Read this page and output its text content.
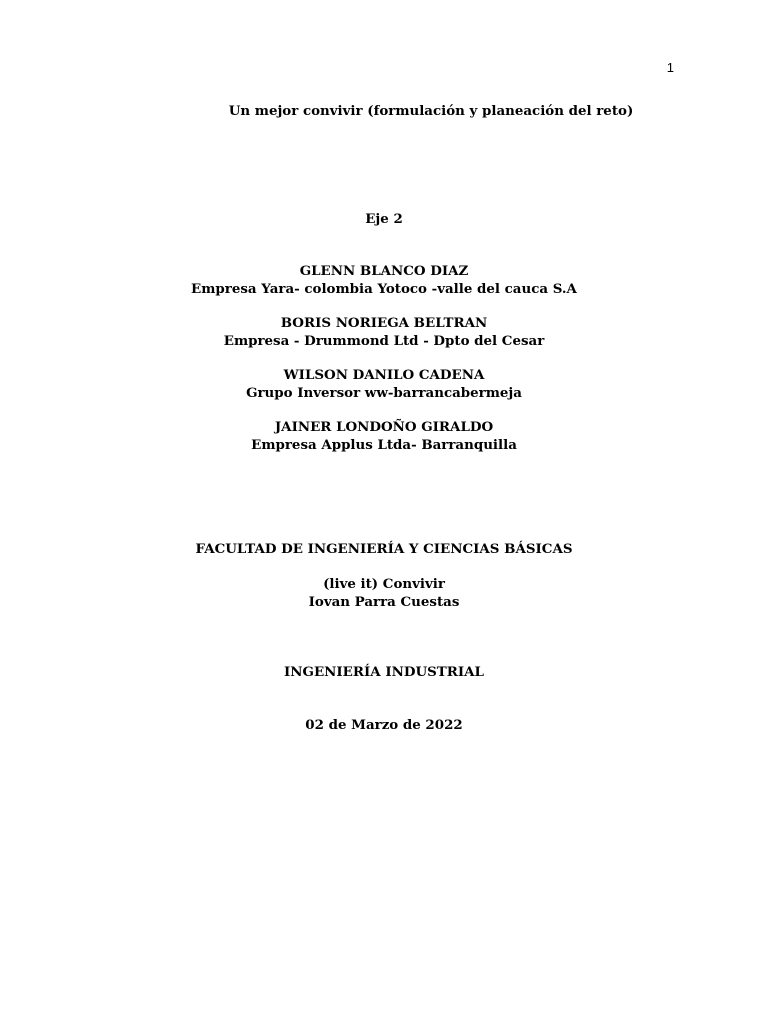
1
Un mejor convivir (formulación y planeación del reto)
Eje 2
GLENN BLANCO DIAZ
Empresa Yara- colombia Yotoco -valle del cauca S.A
BORIS NORIEGA BELTRAN
Empresa - Drummond Ltd - Dpto del Cesar
WILSON DANILO CADENA
Grupo Inversor ww-barrancabermeja
JAINER LONDOÑO GIRALDO
Empresa Applus Ltda- Barranquilla
FACULTAD DE INGENIERÍA Y CIENCIAS BÁSICAS
(live it) Convivir
Iovan Parra Cuestas
INGENIERÍA INDUSTRIAL
02 de Marzo de 2022
